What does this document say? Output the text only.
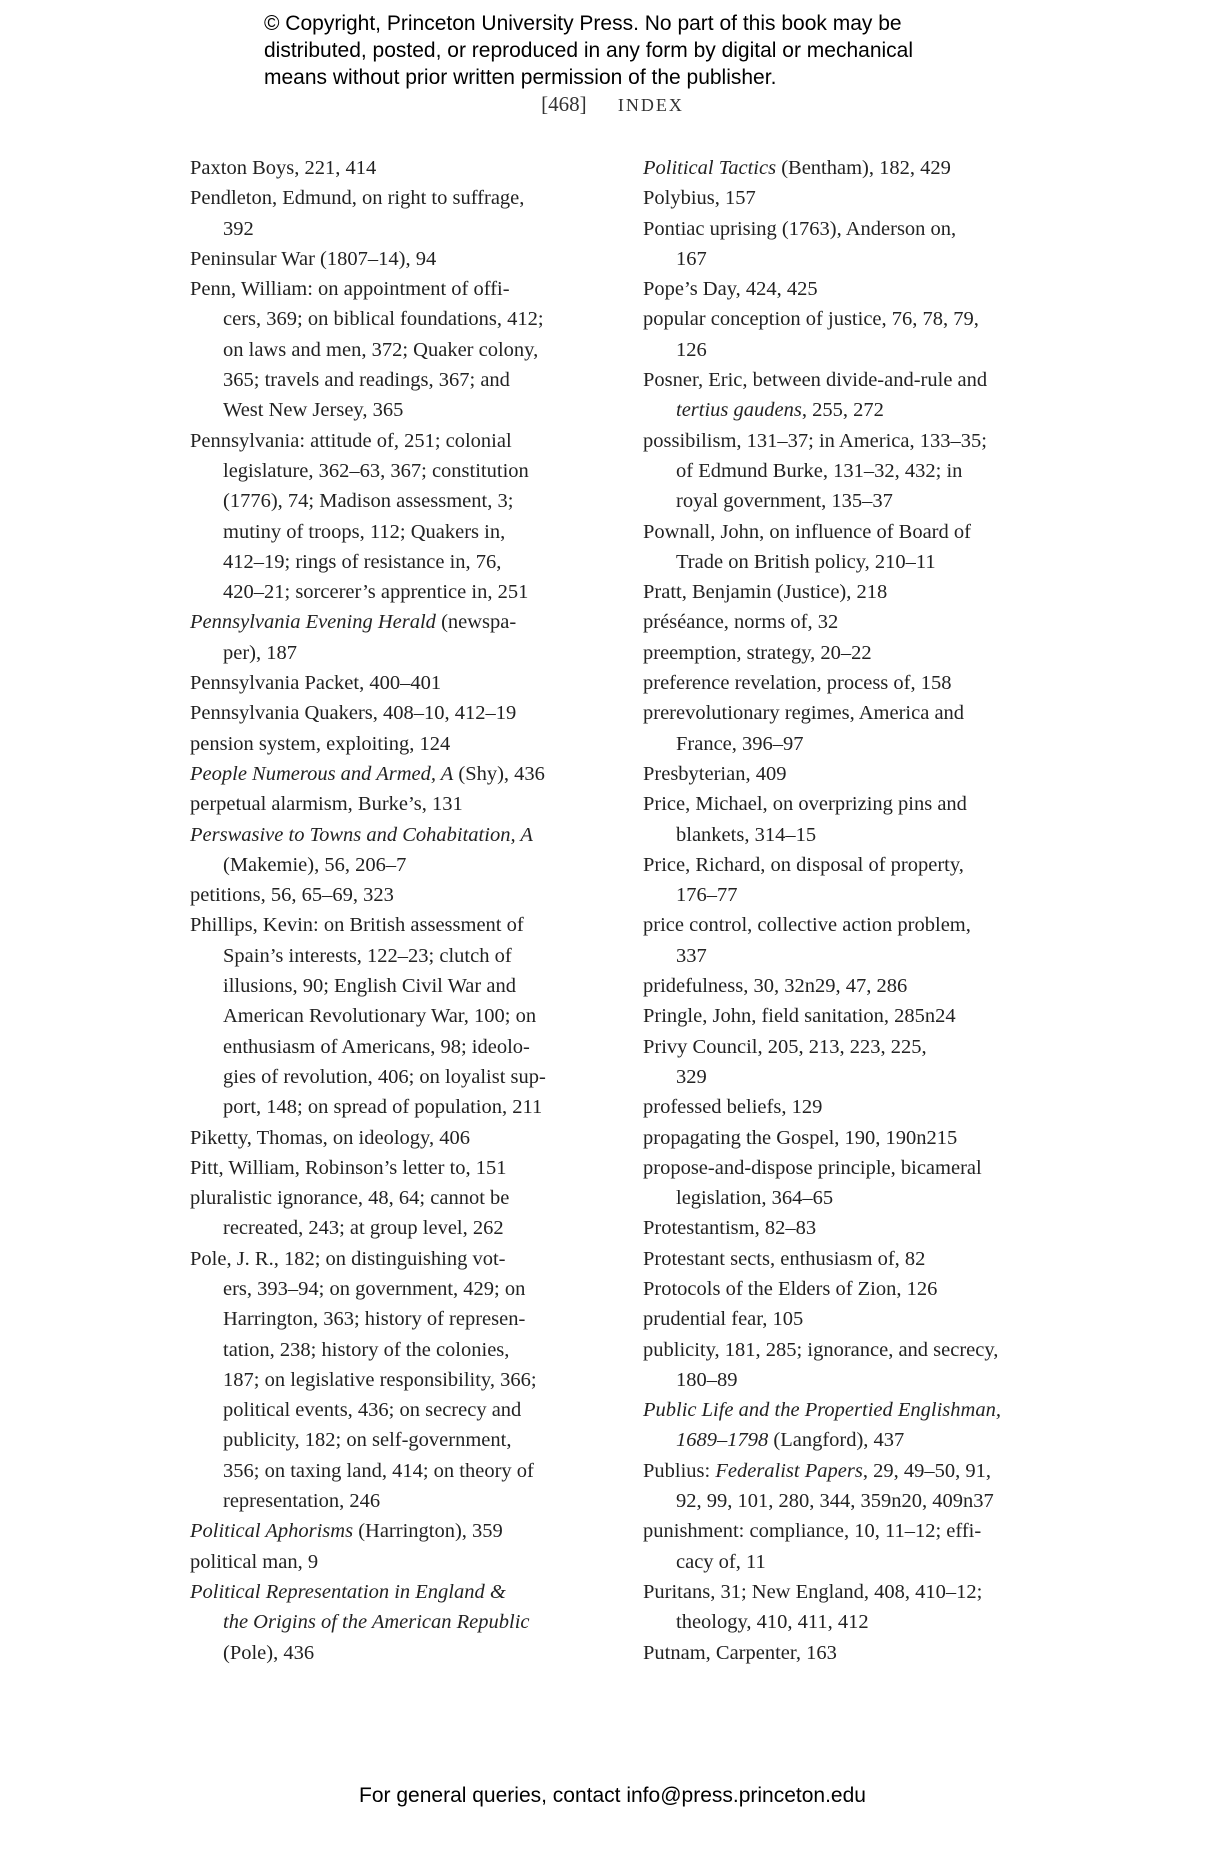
© Copyright, Princeton University Press. No part of this book may be
distributed, posted, or reproduced in any form by digital or mechanical
means without prior written permission of the publisher.
[468] INDEX
Paxton Boys, 221, 414
Pendleton, Edmund, on right to suffrage,
392
Peninsular War (1807–14), 94
Penn, William: on appointment of offi-
cers, 369; on biblical foundations, 412;
on laws and men, 372; Quaker colony,
365; travels and readings, 367; and
West New Jersey, 365
Pennsylvania: attitude of, 251; colonial
legislature, 362–63, 367; constitution
(1776), 74; Madison assessment, 3;
mutiny of troops, 112; Quakers in,
412–19; rings of resistance in, 76,
420–21; sorcerer’s apprentice in, 251
Pennsylvania Evening Herald (newspa-
per), 187
Pennsylvania Packet, 400–401
Pennsylvania Quakers, 408–10, 412–19
pension system, exploiting, 124
People Numerous and Armed, A (Shy), 436
perpetual alarmism, Burke’s, 131
Perswasive to Towns and Cohabitation, A
(Makemie), 56, 206–7
petitions, 56, 65–69, 323
Phillips, Kevin: on British assessment of
Spain’s interests, 122–23; clutch of
illusions, 90; English Civil War and
American Revolutionary War, 100; on
enthusiasm of Americans, 98; ideolo-
gies of revolution, 406; on loyalist sup-
port, 148; on spread of population, 211
Piketty, Thomas, on ideology, 406
Pitt, William, Robinson’s letter to, 151
pluralistic ignorance, 48, 64; cannot be
recreated, 243; at group level, 262
Pole, J. R., 182; on distinguishing vot-
ers, 393–94; on government, 429; on
Harrington, 363; history of represen-
tation, 238; history of the colonies,
187; on legislative responsibility, 366;
political events, 436; on secrecy and
publicity, 182; on self-government,
356; on taxing land, 414; on theory of
representation, 246
Political Aphorisms (Harrington), 359
political man, 9
Political Representation in England &
the Origins of the American Republic
(Pole), 436
Political Tactics (Bentham), 182, 429
Polybius, 157
Pontiac uprising (1763), Anderson on,
167
Pope’s Day, 424, 425
popular conception of justice, 76, 78, 79,
126
Posner, Eric, between divide-and-rule and
tertius gaudens, 255, 272
possibilism, 131–37; in America, 133–35;
of Edmund Burke, 131–32, 432; in
royal government, 135–37
Pownall, John, on influence of Board of
Trade on British policy, 210–11
Pratt, Benjamin (Justice), 218
préséance, norms of, 32
preemption, strategy, 20–22
preference revelation, process of, 158
prerevolutionary regimes, America and
France, 396–97
Presbyterian, 409
Price, Michael, on overprizing pins and
blankets, 314–15
Price, Richard, on disposal of property,
176–77
price control, collective action problem,
337
pridefulness, 30, 32n29, 47, 286
Pringle, John, field sanitation, 285n24
Privy Council, 205, 213, 223, 225,
329
professed beliefs, 129
propagating the Gospel, 190, 190n215
propose-and-dispose principle, bicameral
legislation, 364–65
Protestantism, 82–83
Protestant sects, enthusiasm of, 82
Protocols of the Elders of Zion, 126
prudential fear, 105
publicity, 181, 285; ignorance, and secrecy,
180–89
Public Life and the Propertied Englishman,
1689–1798 (Langford), 437
Publius: Federalist Papers, 29, 49–50, 91,
92, 99, 101, 280, 344, 359n20, 409n37
punishment: compliance, 10, 11–12; effi-
cacy of, 11
Puritans, 31; New England, 408, 410–12;
theology, 410, 411, 412
Putnam, Carpenter, 163
For general queries, contact info@press.princeton.edu
